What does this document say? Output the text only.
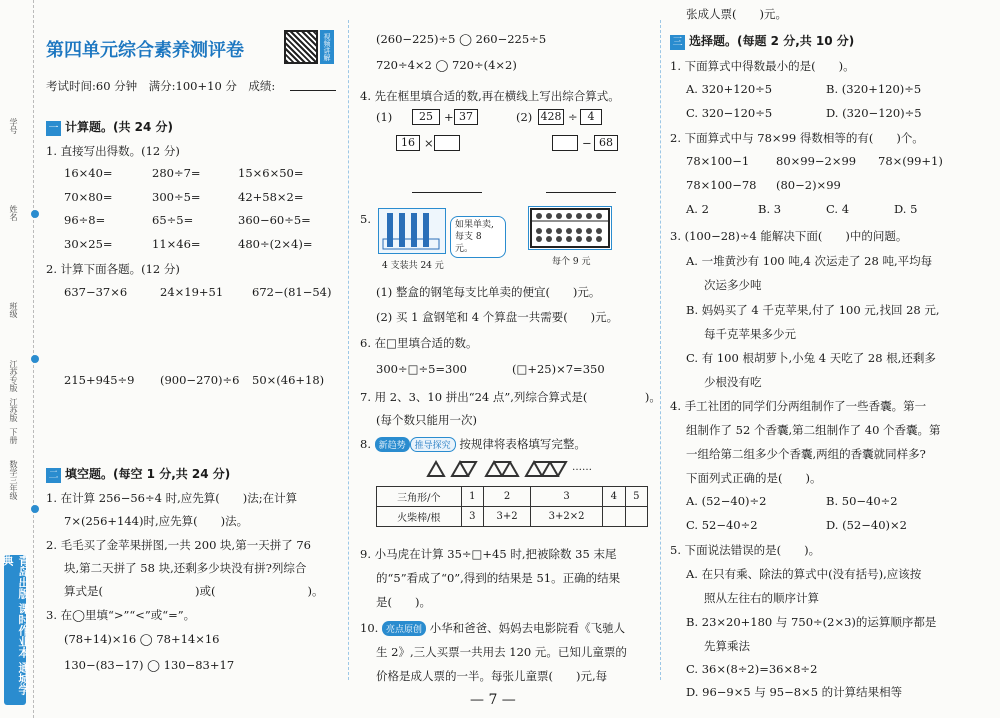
学号
姓名
班级
江苏专版
江苏版
下册
数学三年级
青岛出版 课时作业本 通城学典
第四单元综合素养测评卷	视频讲解
考试时间:60 分钟　满分:100+10 分　成绩:
一 计算题。(共 24 分)
1. 直接写出得数。(12 分)
16×40=	280÷7=	15×6×50=
70×80=	300÷5=	42+58×2=
96÷8=	65÷5=	360−60÷5=
30×25=	11×46=	480÷(2×4)=
2. 计算下面各题。(12 分)
637−37×6	24×19+51	672−(81−54)
215+945÷9 (900−270)÷6 50×(46+18)
二 填空题。(每空 1 分,共 24 分)
1. 在计算 256−56÷4 时,应先算(　　)法;在计算
7×(256+144)时,应先算(　　)法。
2. 毛毛买了金苹果拼图,一共 200 块,第一天拼了 76
块,第二天拼了 58 块,还剩多少块没有拼?列综合
算式是(　　　　　　　　)或(　　　　　　　　)。
3. 在◯里填“>”“<”或“=”。
(78+14)×16 ◯ 78+14×16
130−(83−17) ◯ 130−83+17
(260−225)÷5 ◯ 260−225÷5
720÷4×2 ◯ 720÷(4×2)
4. 先在框里填合适的数,再在横线上写出综合算式。
(1)	25 + 37
16 ×
(2) 428 ÷ 4
− 68
5.	如果单卖,每支 8 元。
4 支装共 24 元	每个 9 元
(1) 整盒的钢笔每支比单卖的便宜(　　)元。
(2) 买 1 盒钢笔和 4 个算盘一共需要(　　)元。
6. 在□里填合适的数。
300÷□÷5=300	(□+25)×7=350
7. 用 2、3、10 拼出“24 点”,列综合算式是(　　　　　)。
(每个数只能用一次)
8. 新趋势 推导探究 按规律将表格填写完整。
……
三角形/个	1	2	3	4	5
火柴棒/根	3	3+2	3+2×2		
9. 小马虎在计算 35÷□+45 时,把被除数 35 末尾
的“5”看成了“0”,得到的结果是 51。正确的结果
是(　　)。
10. 亮点原创 小华和爸爸、妈妈去电影院看《飞驰人
生 2》,三人买票一共用去 120 元。已知儿童票的
价格是成人票的一半。每张儿童票(　　)元,每
张成人票(　　)元。
三 选择题。(每题 2 分,共 10 分)
1. 下面算式中得数最小的是(　　)。
A. 320+120÷5	B. (320+120)÷5
C. 320−120÷5	D. (320−120)÷5
2. 下面算式中与 78×99 得数相等的有(　　)个。
78×100−1 80×99−2×99 78×(99+1)
78×100−78 (80−2)×99
A. 2	B. 3	C. 4	D. 5
3. (100−28)÷4 能解决下面(　　)中的问题。
A. 一堆黄沙有 100 吨,4 次运走了 28 吨,平均每
次运多少吨
B. 妈妈买了 4 千克苹果,付了 100 元,找回 28 元,
每千克苹果多少元
C. 有 100 根胡萝卜,小兔 4 天吃了 28 根,还剩多
少根没有吃
4. 手工社团的同学们分两组制作了一些香囊。第一
组制作了 52 个香囊,第二组制作了 40 个香囊。第
一组给第二组多少个香囊,两组的香囊就同样多?
下面列式正确的是(　　)。
A. (52−40)÷2	B. 50−40÷2
C. 52−40÷2	D. (52−40)×2
5. 下面说法错误的是(　　)。
A. 在只有乘、除法的算式中(没有括号),应该按
照从左往右的顺序计算
B. 23×20+180 与 750÷(2×3)的运算顺序都是
先算乘法
C. 36×(8÷2)=36×8÷2
D. 96−9×5 与 95−8×5 的计算结果相等
— 7 —
